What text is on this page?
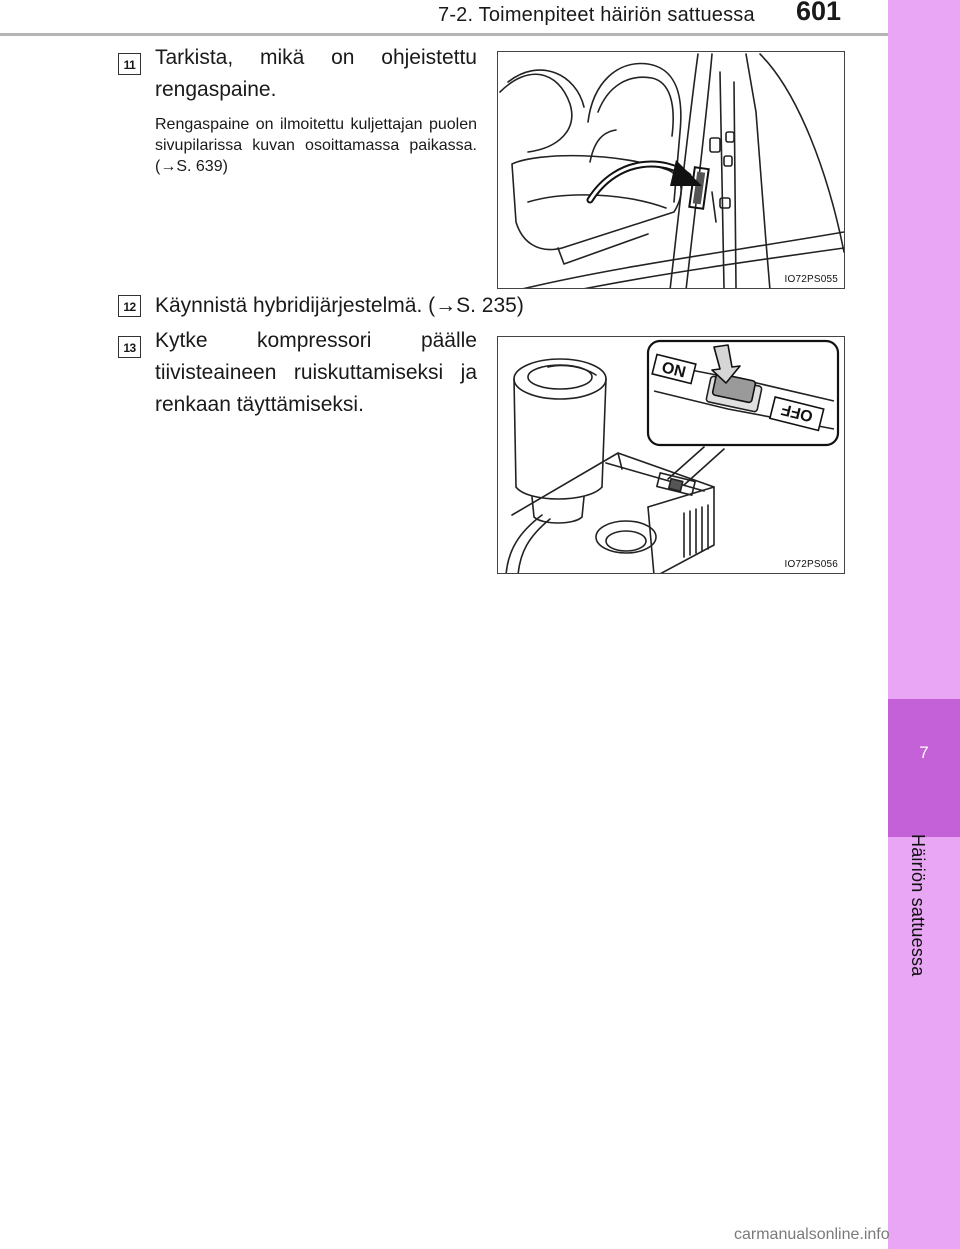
7-2. Toimenpiteet häiriön sattuessa 601
7
Häiriön sattuessa
11 Tarkista, mikä on ohjeistettu rengaspaine.
Rengaspaine on ilmoitettu kuljettajan puolen sivupilarissa kuvan osoittamassa paikassa. (→S. 639)
IO72PS055
12 Käynnistä hybridijärjestelmä. (→S. 235)
13 Kytke kompressori päälle tiivisteaineen ruiskuttamiseksi ja renkaan täyttämiseksi.
ON
OFF
IO72PS056
carmanualsonline.info
